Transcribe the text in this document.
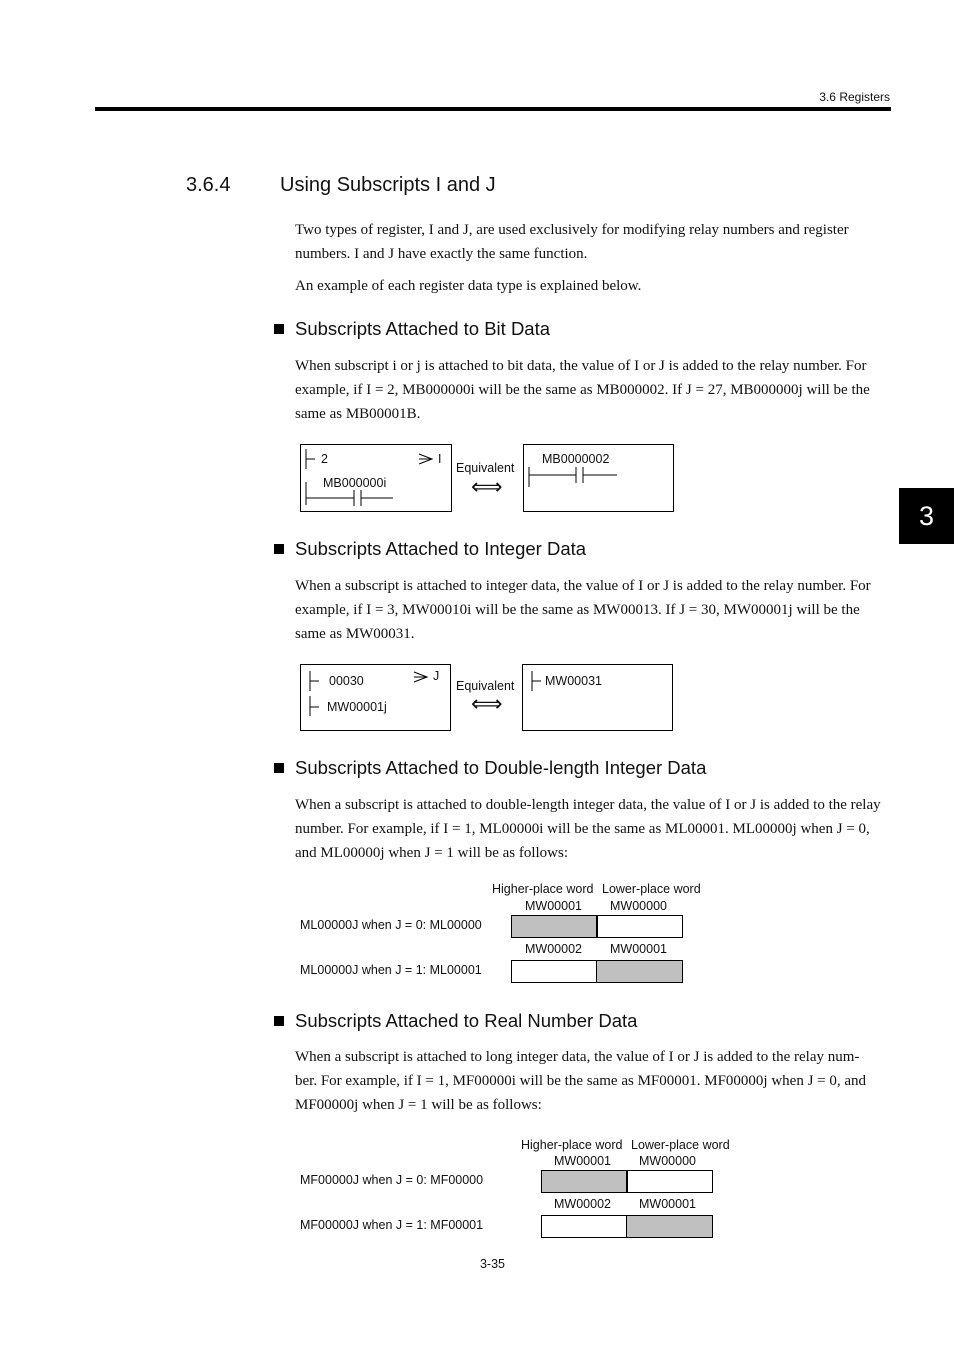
3.6 Registers
3
3.6.4 Using Subscripts I and J
Two types of register, I and J, are used exclusively for modifying relay numbers and register numbers. I and J have exactly the same function.
An example of each register data type is explained below.
Subscripts Attached to Bit Data
When subscript i or j is attached to bit data, the value of I or J is added to the relay number. For example, if I = 2, MB000000i will be the same as MB000002. If J = 27, MB000000j will be the same as MB00001B.
2	I
MB000000i
Equivalent
⟺
MB0000002
Subscripts Attached to Integer Data
When a subscript is attached to integer data, the value of I or J is added to the relay number. For example, if I = 3, MW00010i will be the same as MW00013. If J = 30, MW00001j will be the same as MW00031.
00030	J
MW00001j
Equivalent
⟺
MW00031
Subscripts Attached to Double-length Integer Data
When a subscript is attached to double-length integer data, the value of I or J is added to the relay number. For example, if I = 1, ML00000i will be the same as ML00001. ML00000j when J = 0, and ML00000j when J = 1 will be as follows:
Higher-place word Lower-place word
MW00001 MW00000
ML00000J when J = 0: ML00000
MW00002 MW00001
ML00000J when J = 1: ML00001
Subscripts Attached to Real Number Data
When a subscript is attached to long integer data, the value of I or J is added to the relay num-
ber. For example, if I = 1, MF00000i will be the same as MF00001. MF00000j when J = 0, and MF00000j when J = 1 will be as follows:
Higher-place word Lower-place word
MW00001 MW00000
MF00000J when J = 0: MF00000
MW00002 MW00001
MF00000J when J = 1: MF00001
3-35
